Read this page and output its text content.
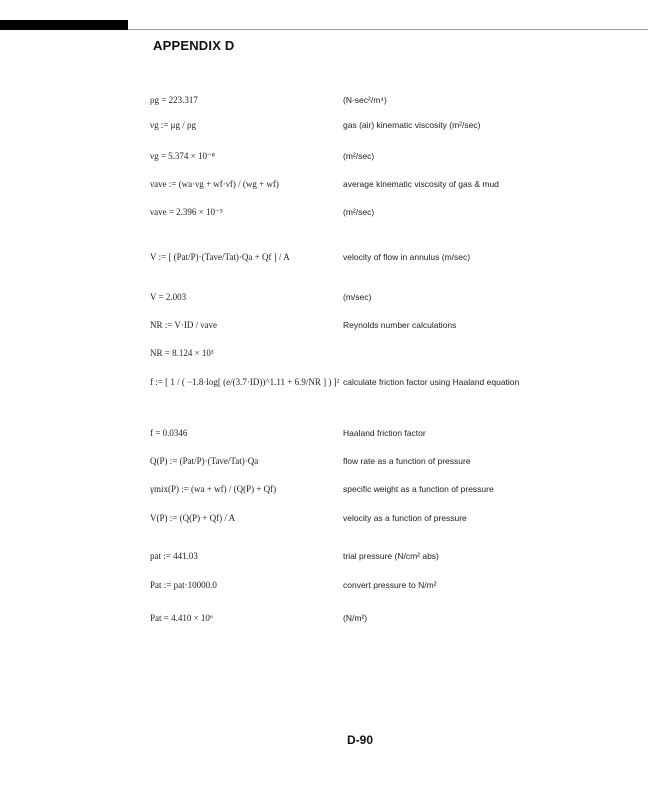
APPENDIX D
ρg = 223.317	(N-sec²/m⁴)
νg := μg / ρg	gas (air) kinematic viscosity (m²/sec)
νg = 5.374 × 10⁻⁸	(m²/sec)
νave := (wa·νg + wf·νf) / (wg + wf)	average kinematic viscosity of gas & mud
νave = 2.396 × 10⁻⁵	(m²/sec)
V := [ (Pat/P)·(Tave/Tat)·Qa + Qf ] / A	velocity of flow in annulus (m/sec)
V = 2.003	(m/sec)
NR := V·ID / νave	Reynolds number calculations
NR = 8.124 × 10³
f := [ 1 / ( −1.8·log[ (e/(3.7·ID))^1.11 + 6.9/NR ] ) ]² calculate friction factor using Haaland equation
f = 0.0346	Haaland friction factor
Q(P) := (Pat/P)·(Tave/Tat)·Qa	flow rate as a function of pressure
γmix(P) := (wa + wf) / (Q(P) + Qf)	specific weight as a function of pressure
V(P) := (Q(P) + Qf) / A	velocity as a function of pressure
pat := 441.03	trial pressure (N/cm² abs)
Pat := pat·10000.0	convert pressure to N/m²
Pat = 4.410 × 10⁶	(N/m²)
D-90
